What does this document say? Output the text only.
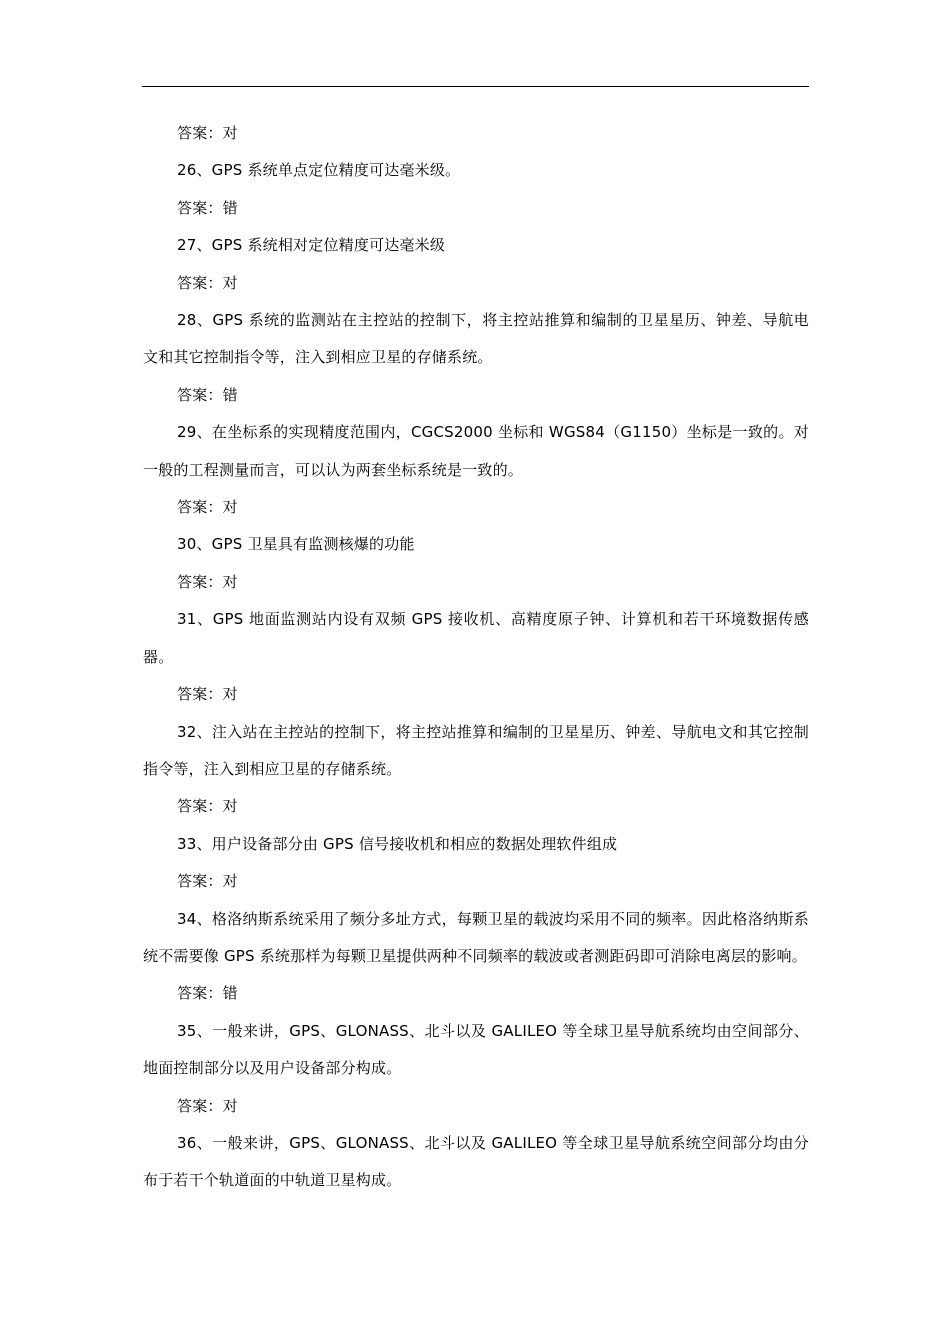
答案：对

26、GPS 系统单点定位精度可达毫米级。

答案：错

27、GPS 系统相对定位精度可达毫米级

答案：对

28、GPS 系统的监测站在主控站的控制下，将主控站推算和编制的卫星星历、钟差、导航电文和其它控制指令等，注入到相应卫星的存储系统。

答案：错

29、在坐标系的实现精度范围内，CGCS2000 坐标和 WGS84（G1150）坐标是一致的。对一般的工程测量而言，可以认为两套坐标系统是一致的。

答案：对

30、GPS 卫星具有监测核爆的功能

答案：对

31、GPS 地面监测站内设有双频 GPS 接收机、高精度原子钟、计算机和若干环境数据传感器。

答案：对

32、注入站在主控站的控制下，将主控站推算和编制的卫星星历、钟差、导航电文和其它控制指令等，注入到相应卫星的存储系统。

答案：对

33、用户设备部分由 GPS 信号接收机和相应的数据处理软件组成

答案：对

34、格洛纳斯系统采用了频分多址方式，每颗卫星的载波均采用不同的频率。因此格洛纳斯系统不需要像 GPS 系统那样为每颗卫星提供两种不同频率的载波或者测距码即可消除电离层的影响。

答案：错

35、一般来讲，GPS、GLONASS、北斗以及 GALILEO 等全球卫星导航系统均由空间部分、地面控制部分以及用户设备部分构成。

答案：对

36、一般来讲，GPS、GLONASS、北斗以及 GALILEO 等全球卫星导航系统空间部分均由分布于若干个轨道面的中轨道卫星构成。
